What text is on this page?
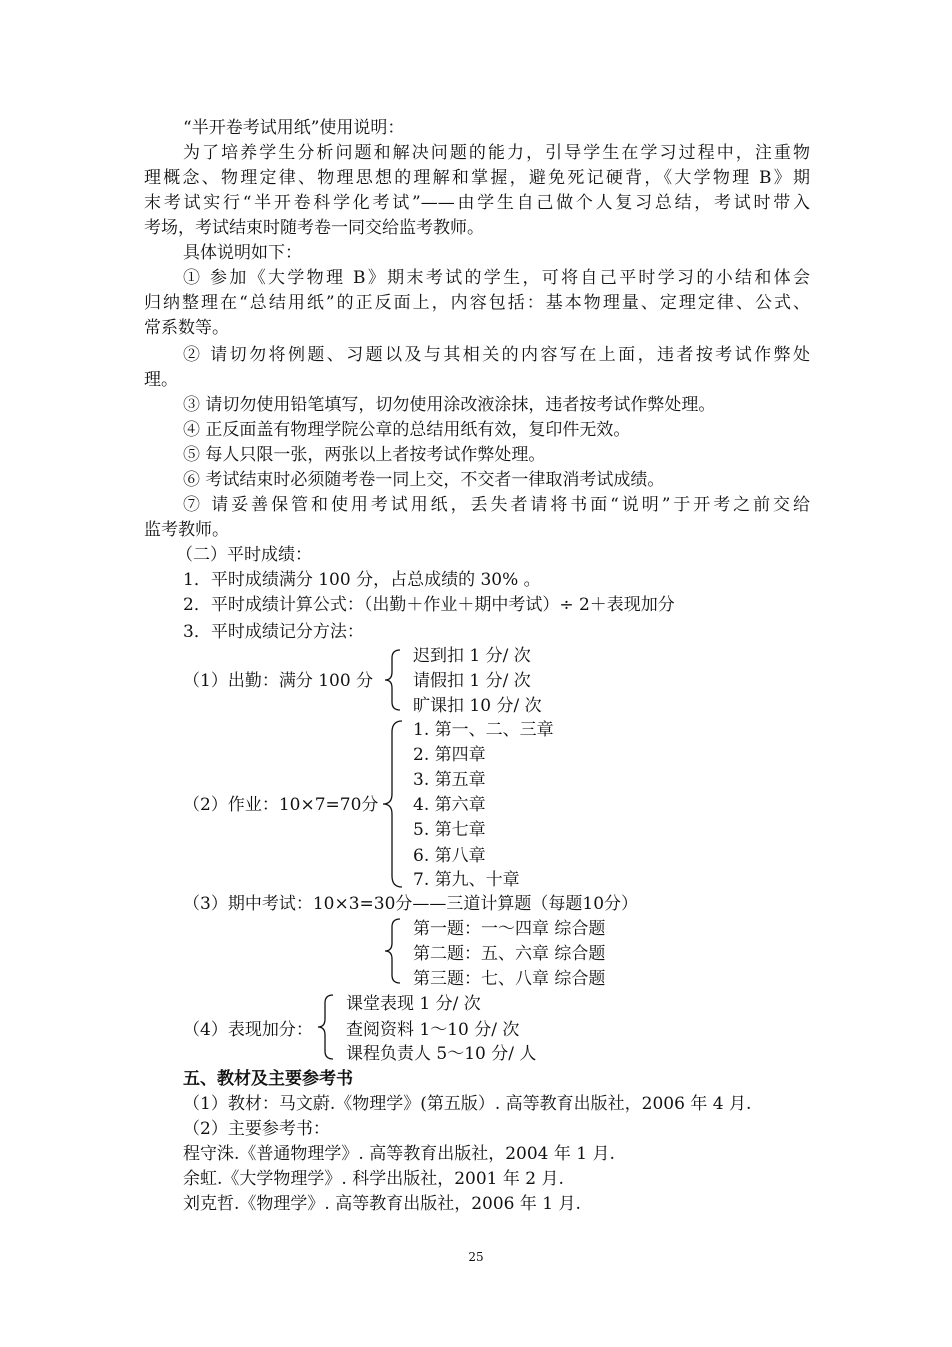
“半开卷考试用纸”使用说明：
为了培养学生分析问题和解决问题的能力，引导学生在学习过程中，注重物
理概念、物理定律、物理思想的理解和掌握，避免死记硬背，《大学物理 B》期
末考试实行“半开卷科学化考试”——由学生自己做个人复习总结，考试时带入
考场，考试结束时随考卷一同交给监考教师。
具体说明如下：
① 参加《大学物理 B》期末考试的学生，可将自己平时学习的小结和体会
归纳整理在“总结用纸”的正反面上，内容包括：基本物理量、定理定律、公式、
常系数等。
② 请切勿将例题、习题以及与其相关的内容写在上面，违者按考试作弊处
理。
③ 请切勿使用铅笔填写，切勿使用涂改液涂抹，违者按考试作弊处理。
④ 正反面盖有物理学院公章的总结用纸有效，复印件无效。
⑤ 每人只限一张，两张以上者按考试作弊处理。
⑥ 考试结束时必须随考卷一同上交，不交者一律取消考试成绩。
⑦ 请妥善保管和使用考试用纸，丢失者请将书面“说明”于开考之前交给
监考教师。
（二）平时成绩：
1．平时成绩满分 100 分，占总成绩的 30% 。
2．平时成绩计算公式：（出勤＋作业＋期中考试）÷ 2＋表现加分
3．平时成绩记分方法：
（1）出勤：满分 100 分
迟到扣 1 分/ 次
请假扣 1 分/ 次
旷课扣 10 分/ 次
（2）作业：10×7=70分
1. 第一、二、三章
2. 第四章
3. 第五章
4. 第六章
5. 第七章
6. 第八章
7. 第九、十章
（3）期中考试：10×3=30分——三道计算题（每题10分）
第一题：一～四章 综合题
第二题：五、六章 综合题
第三题：七、八章 综合题
（4）表现加分：
课堂表现 1 分/ 次
查阅资料 1～10 分/ 次
课程负责人 5～10 分/ 人
五、教材及主要参考书
（1）教材：马文蔚.《物理学》(第五版）. 高等教育出版社，2006 年 4 月.
（2）主要参考书：
程守洙.《普通物理学》. 高等教育出版社，2004 年 1 月.
余虹.《大学物理学》. 科学出版社，2001 年 2 月.
刘克哲.《物理学》. 高等教育出版社，2006 年 1 月.
25
